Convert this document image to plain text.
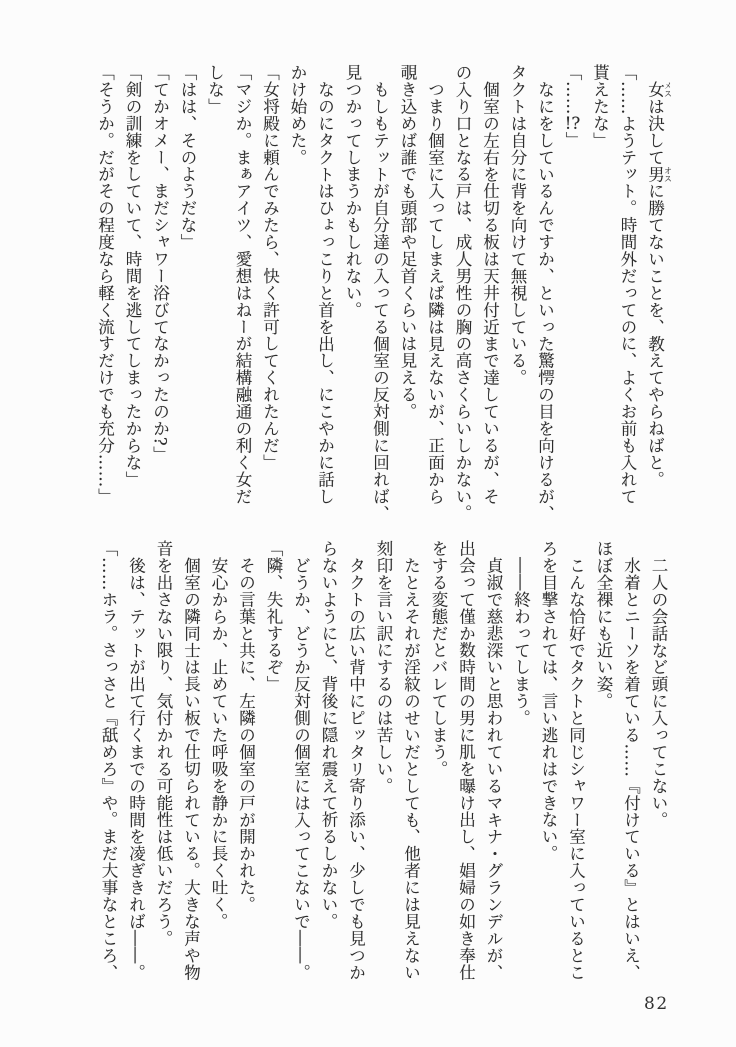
女 メスは決して男 オスに勝てないことを、教えてやらねばと。
「……ようテット。時間外だってのに、よくお前も入れて
貰えたな」
「……!?」
なにをしているんですか、といった驚愕の目を向けるが、
タクトは自分に背を向けて無視している。
個室の左右を仕切る板は天井付近まで達しているが、そ
の入り口となる戸は、成人男性の胸の高さくらいしかない。
つまり個室に入ってしまえば隣は見えないが、正面から
覗き込めば誰でも頭部や足首くらいは見える。
もしもテットが自分達の入ってる個室の反対側に回れば、
見つかってしまうかもしれない。
なのにタクトはひょっこりと首を出し、にこやかに話し
かけ始めた。
「女将殿に頼んでみたら、快く許可してくれたんだ」
「マジか。まぁアイツ、愛想はねーが結構融通の利く女だ
しな」
「はは、そのようだな」
「てかオメー、まだシャワー浴びてなかったのか?」
「剣の訓練をしていて、時間を逃してしまったからな」
「そうか。だがその程度なら軽く流すだけでも充分……」
二人の会話など頭に入ってこない。
水着とニーソを着ている……『付けている』とはいえ、
ほぼ全裸にも近い姿。
こんな恰好でタクトと同じシャワー室に入っているとこ
ろを目撃されては、言い逃れはできない。
――終わってしまう。
貞淑で慈悲深いと思われているマキナ・グランデルが、
出会って僅か数時間の男に肌を曝け出し、娼婦の如き奉仕
をする変態だとバレてしまう。
たとえそれが淫紋のせいだとしても、他者には見えない
刻印を言い訳にするのは苦しい。
タクトの広い背中にピッタリ寄り添い、少しでも見つか
らないようにと、背後に隠れ震えて祈るしかない。
どうか、どうか反対側の個室には入ってこないで――。
「隣、失礼するぞ」
その言葉と共に、左隣の個室の戸が開かれた。
安心からか、止めていた呼吸を静かに長く吐く。
個室の隣同士は長い板で仕切られている。大きな声や物
音を出さない限り、気付かれる可能性は低いだろう。
後は、テットが出て行くまでの時間を凌ぎきれば――。
「……ホラ。さっさと『舐めろ』や。まだ大事なところ、
82
